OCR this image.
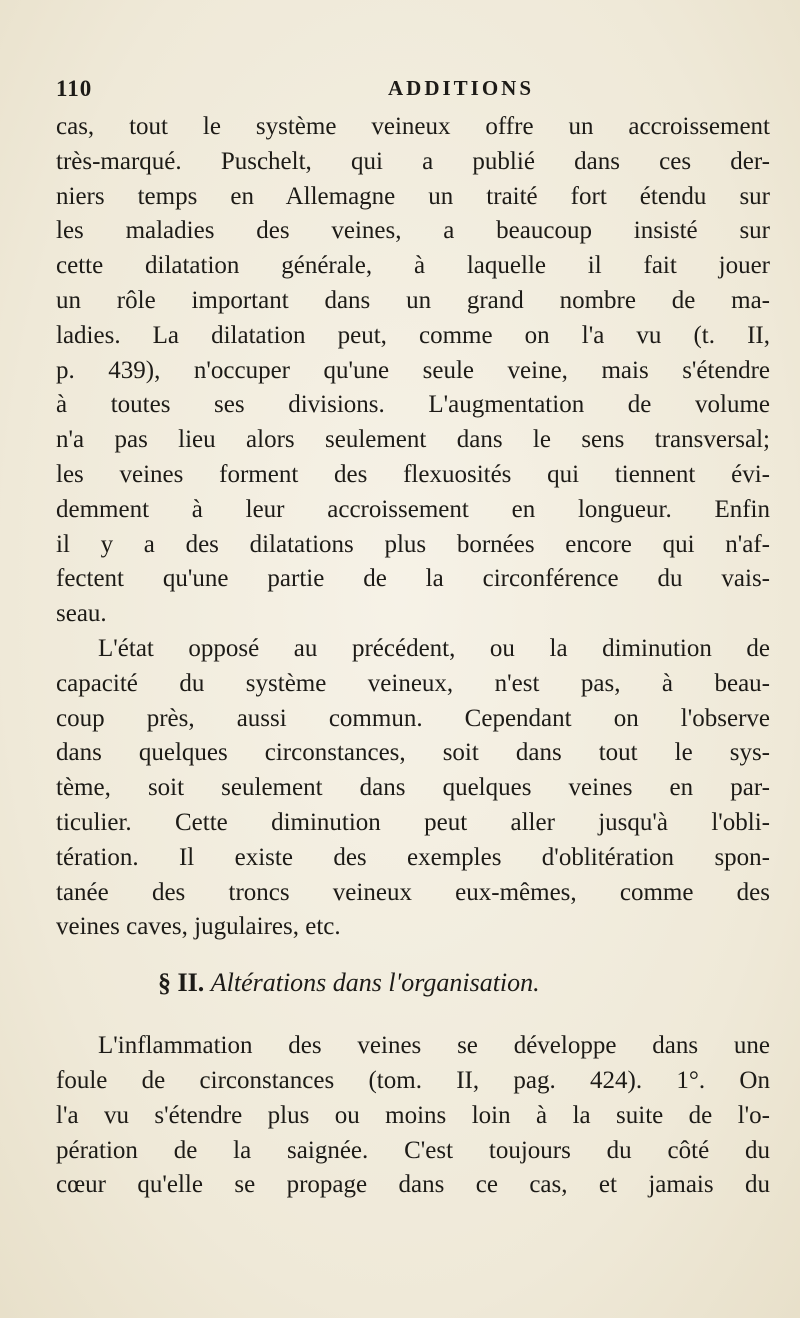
110	ADDITIONS
cas, tout le système veineux offre un accroissement
très-marqué. Puschelt, qui a publié dans ces der-
niers temps en Allemagne un traité fort étendu sur
les maladies des veines, a beaucoup insisté sur
cette dilatation générale, à laquelle il fait jouer
un rôle important dans un grand nombre de ma-
ladies. La dilatation peut, comme on l'a vu (t. II,
p. 439), n'occuper qu'une seule veine, mais s'étendre
à toutes ses divisions. L'augmentation de volume
n'a pas lieu alors seulement dans le sens transversal;
les veines forment des flexuosités qui tiennent évi-
demment à leur accroissement en longueur. Enfin
il y a des dilatations plus bornées encore qui n'af-
fectent qu'une partie de la circonférence du vais-
seau.
L'état opposé au précédent, ou la diminution de
capacité du système veineux, n'est pas, à beau-
coup près, aussi commun. Cependant on l'observe
dans quelques circonstances, soit dans tout le sys-
tème, soit seulement dans quelques veines en par-
ticulier. Cette diminution peut aller jusqu'à l'obli-
tération. Il existe des exemples d'oblitération spon-
tanée des troncs veineux eux-mêmes, comme des
veines caves, jugulaires, etc.
§ II. Altérations dans l'organisation.
L'inflammation des veines se développe dans une
foule de circonstances (tom. II, pag. 424). 1°. On
l'a vu s'étendre plus ou moins loin à la suite de l'o-
pération de la saignée. C'est toujours du côté du
cœur qu'elle se propage dans ce cas, et jamais du
